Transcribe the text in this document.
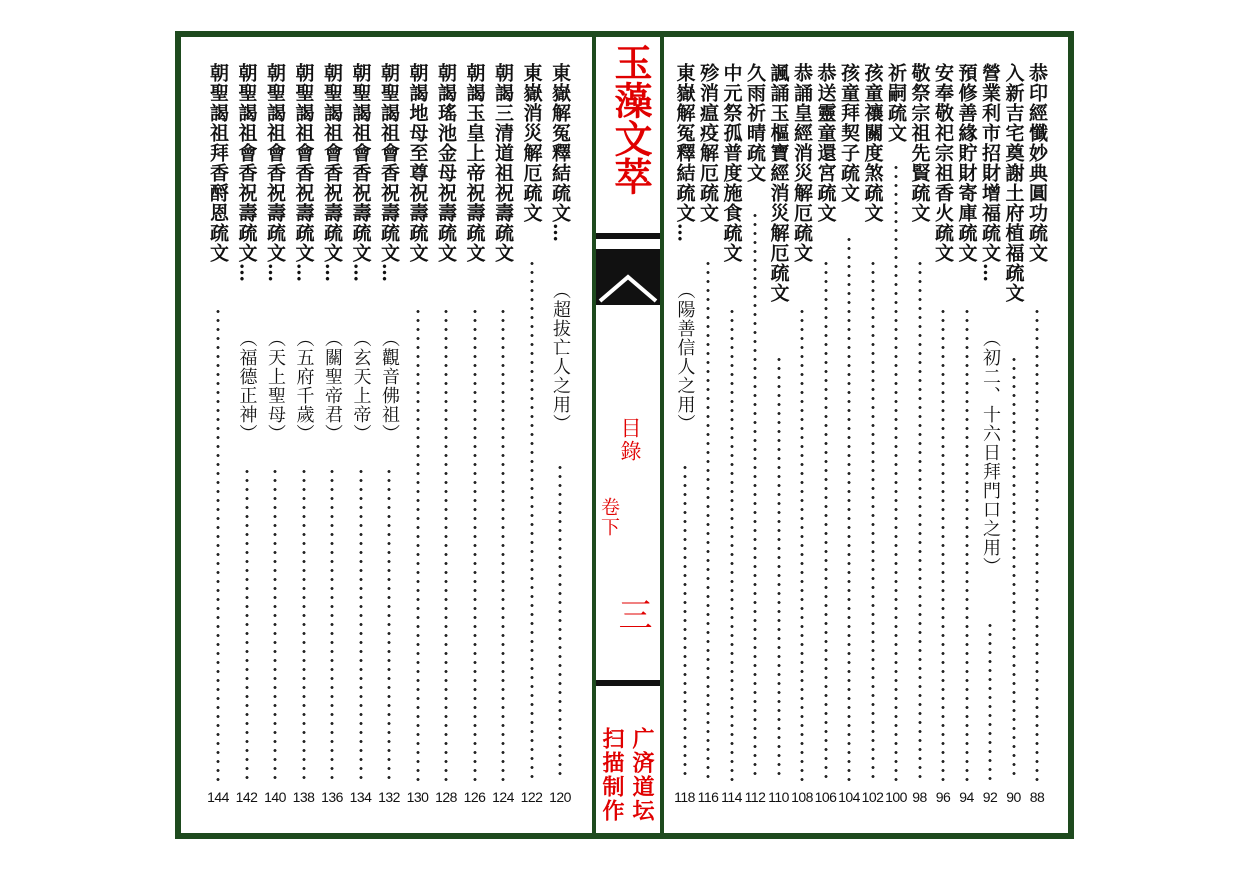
東嶽解冤釋結疏文…
（超拔亡人之用）
120
東嶽消災解厄疏文
122
朝謁三清道祖祝壽疏文
124
朝謁玉皇上帝祝壽疏文
126
朝謁瑤池金母祝壽疏文
128
朝謁地母至尊祝壽疏文
130
朝聖謁祖會香祝壽疏文…
（觀音佛祖）
132
朝聖謁祖會香祝壽疏文…
（玄天上帝）
134
朝聖謁祖會香祝壽疏文…
（關聖帝君）
136
朝聖謁祖會香祝壽疏文…
（五府千歲）
138
朝聖謁祖會香祝壽疏文…
（天上聖母）
140
朝聖謁祖會香祝壽疏文…
（福德正神）
142
朝聖謁祖拜香酹恩疏文
144
玉藻文萃
目錄
卷下
三
广済道坛
扫描制作
恭印經懺妙典圓功疏文
88
入新吉宅奠謝土府植福疏文
90
營業利市招財增福疏文…
（初二、十六日拜門口之用）
92
預修善緣貯財寄庫疏文
94
安奉敬祀宗祖香火疏文
96
敬祭宗祖先賢疏文
98
祈嗣疏文
100
孩童禳關度煞疏文
102
孩童拜契子疏文
104
恭送靈童還宮疏文
106
恭誦皇經消災解厄疏文
108
諷誦玉樞寶經消災解厄疏文
110
久雨祈晴疏文
112
中元祭孤普度施食疏文
114
殄消瘟疫解厄疏文
116
東嶽解冤釋結疏文…
（陽善信人之用）
118
